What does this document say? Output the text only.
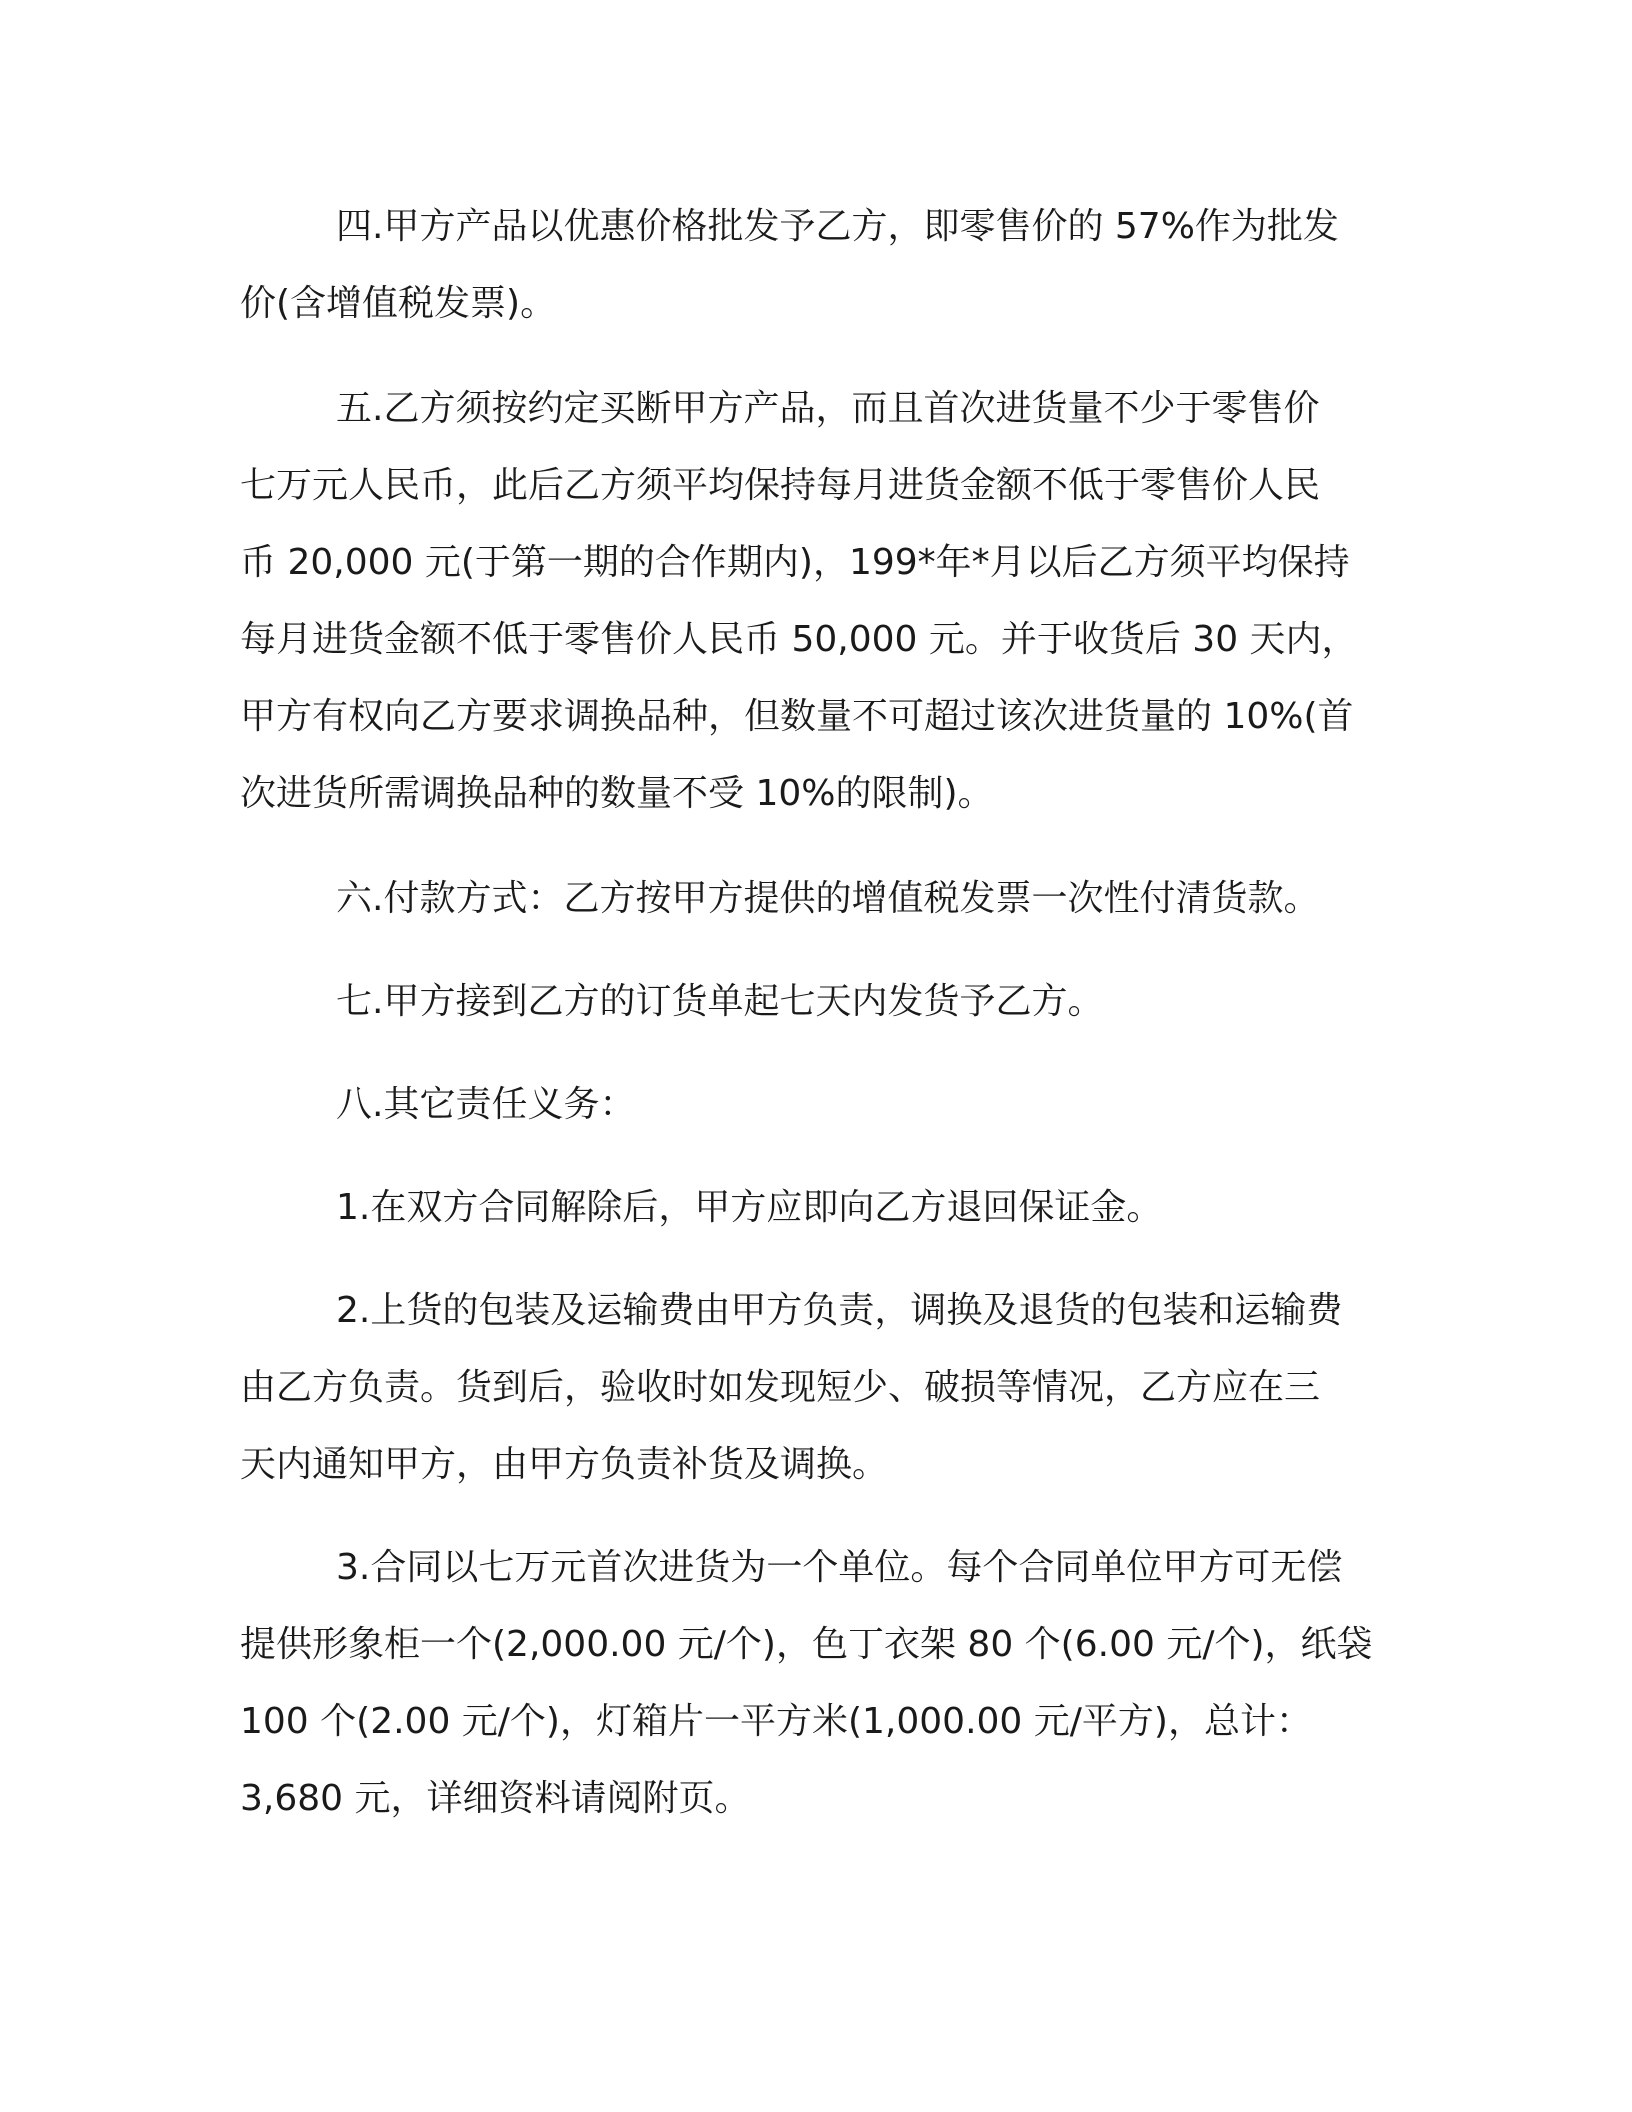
四.甲方产品以优惠价格批发予乙方，即零售价的 57%作为批发
价(含增值税发票)。

五.乙方须按约定买断甲方产品，而且首次进货量不少于零售价
七万元人民币，此后乙方须平均保持每月进货金额不低于零售价人民
币 20,000 元(于第一期的合作期内)，199*年*月以后乙方须平均保持
每月进货金额不低于零售价人民币 50,000 元。并于收货后 30 天内，
甲方有权向乙方要求调换品种，但数量不可超过该次进货量的 10%(首
次进货所需调换品种的数量不受 10%的限制)。

六.付款方式：乙方按甲方提供的增值税发票一次性付清货款。

七.甲方接到乙方的订货单起七天内发货予乙方。

八.其它责任义务：

1.在双方合同解除后，甲方应即向乙方退回保证金。

2.上货的包装及运输费由甲方负责，调换及退货的包装和运输费
由乙方负责。货到后，验收时如发现短少、破损等情况，乙方应在三
天内通知甲方，由甲方负责补货及调换。

3.合同以七万元首次进货为一个单位。每个合同单位甲方可无偿
提供形象柜一个(2,000.00 元/个)，色丁衣架 80 个(6.00 元/个)，纸袋
100 个(2.00 元/个)，灯箱片一平方米(1,000.00 元/平方)，总计：
3,680 元，详细资料请阅附页。
